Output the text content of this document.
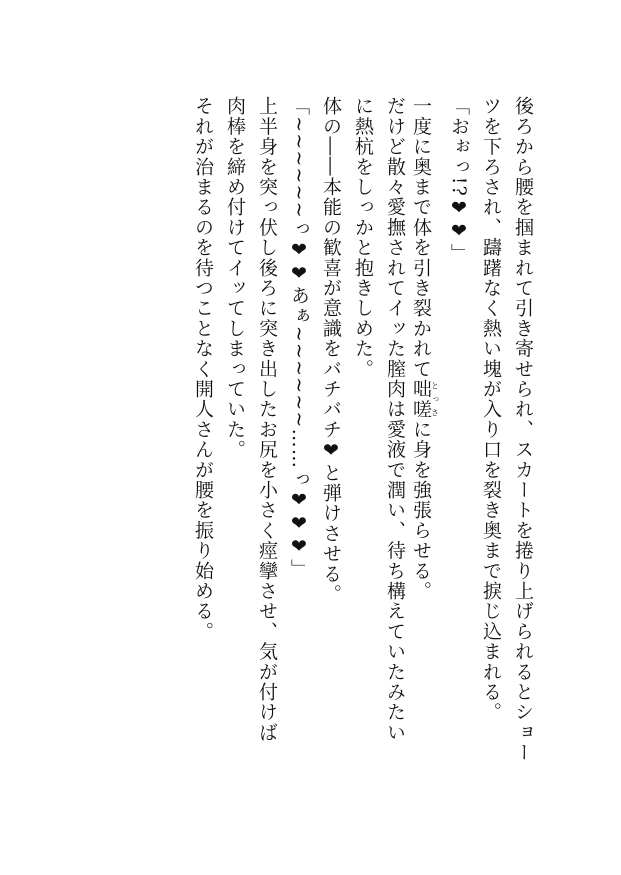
後ろから腰を掴まれて引き寄せられ、スカートを捲り上げられるとショー
ツを下ろされ、躊躇なく熱い塊が入り口を裂き奥まで捩じ込まれる。
「おぉっ!?❤❤」
一度に奥まで体を引き裂かれて咄嗟とっさに身を強張らせる。
だけど散々愛撫されてイッた膣肉は愛液で潤い、待ち構えていたみたい
に熱杭をしっかと抱きしめた。
体の――本能の歓喜が意識をバチバチ❤と弾けさせる。
「~~~~~~っ❤❤あぁ~~~~~~……っ❤❤❤」
上半身を突っ伏し後ろに突き出したお尻を小さく痙攣させ、気が付けば
肉棒を締め付けてイッてしまっていた。
それが治まるのを待つことなく開人さんが腰を振り始める。
